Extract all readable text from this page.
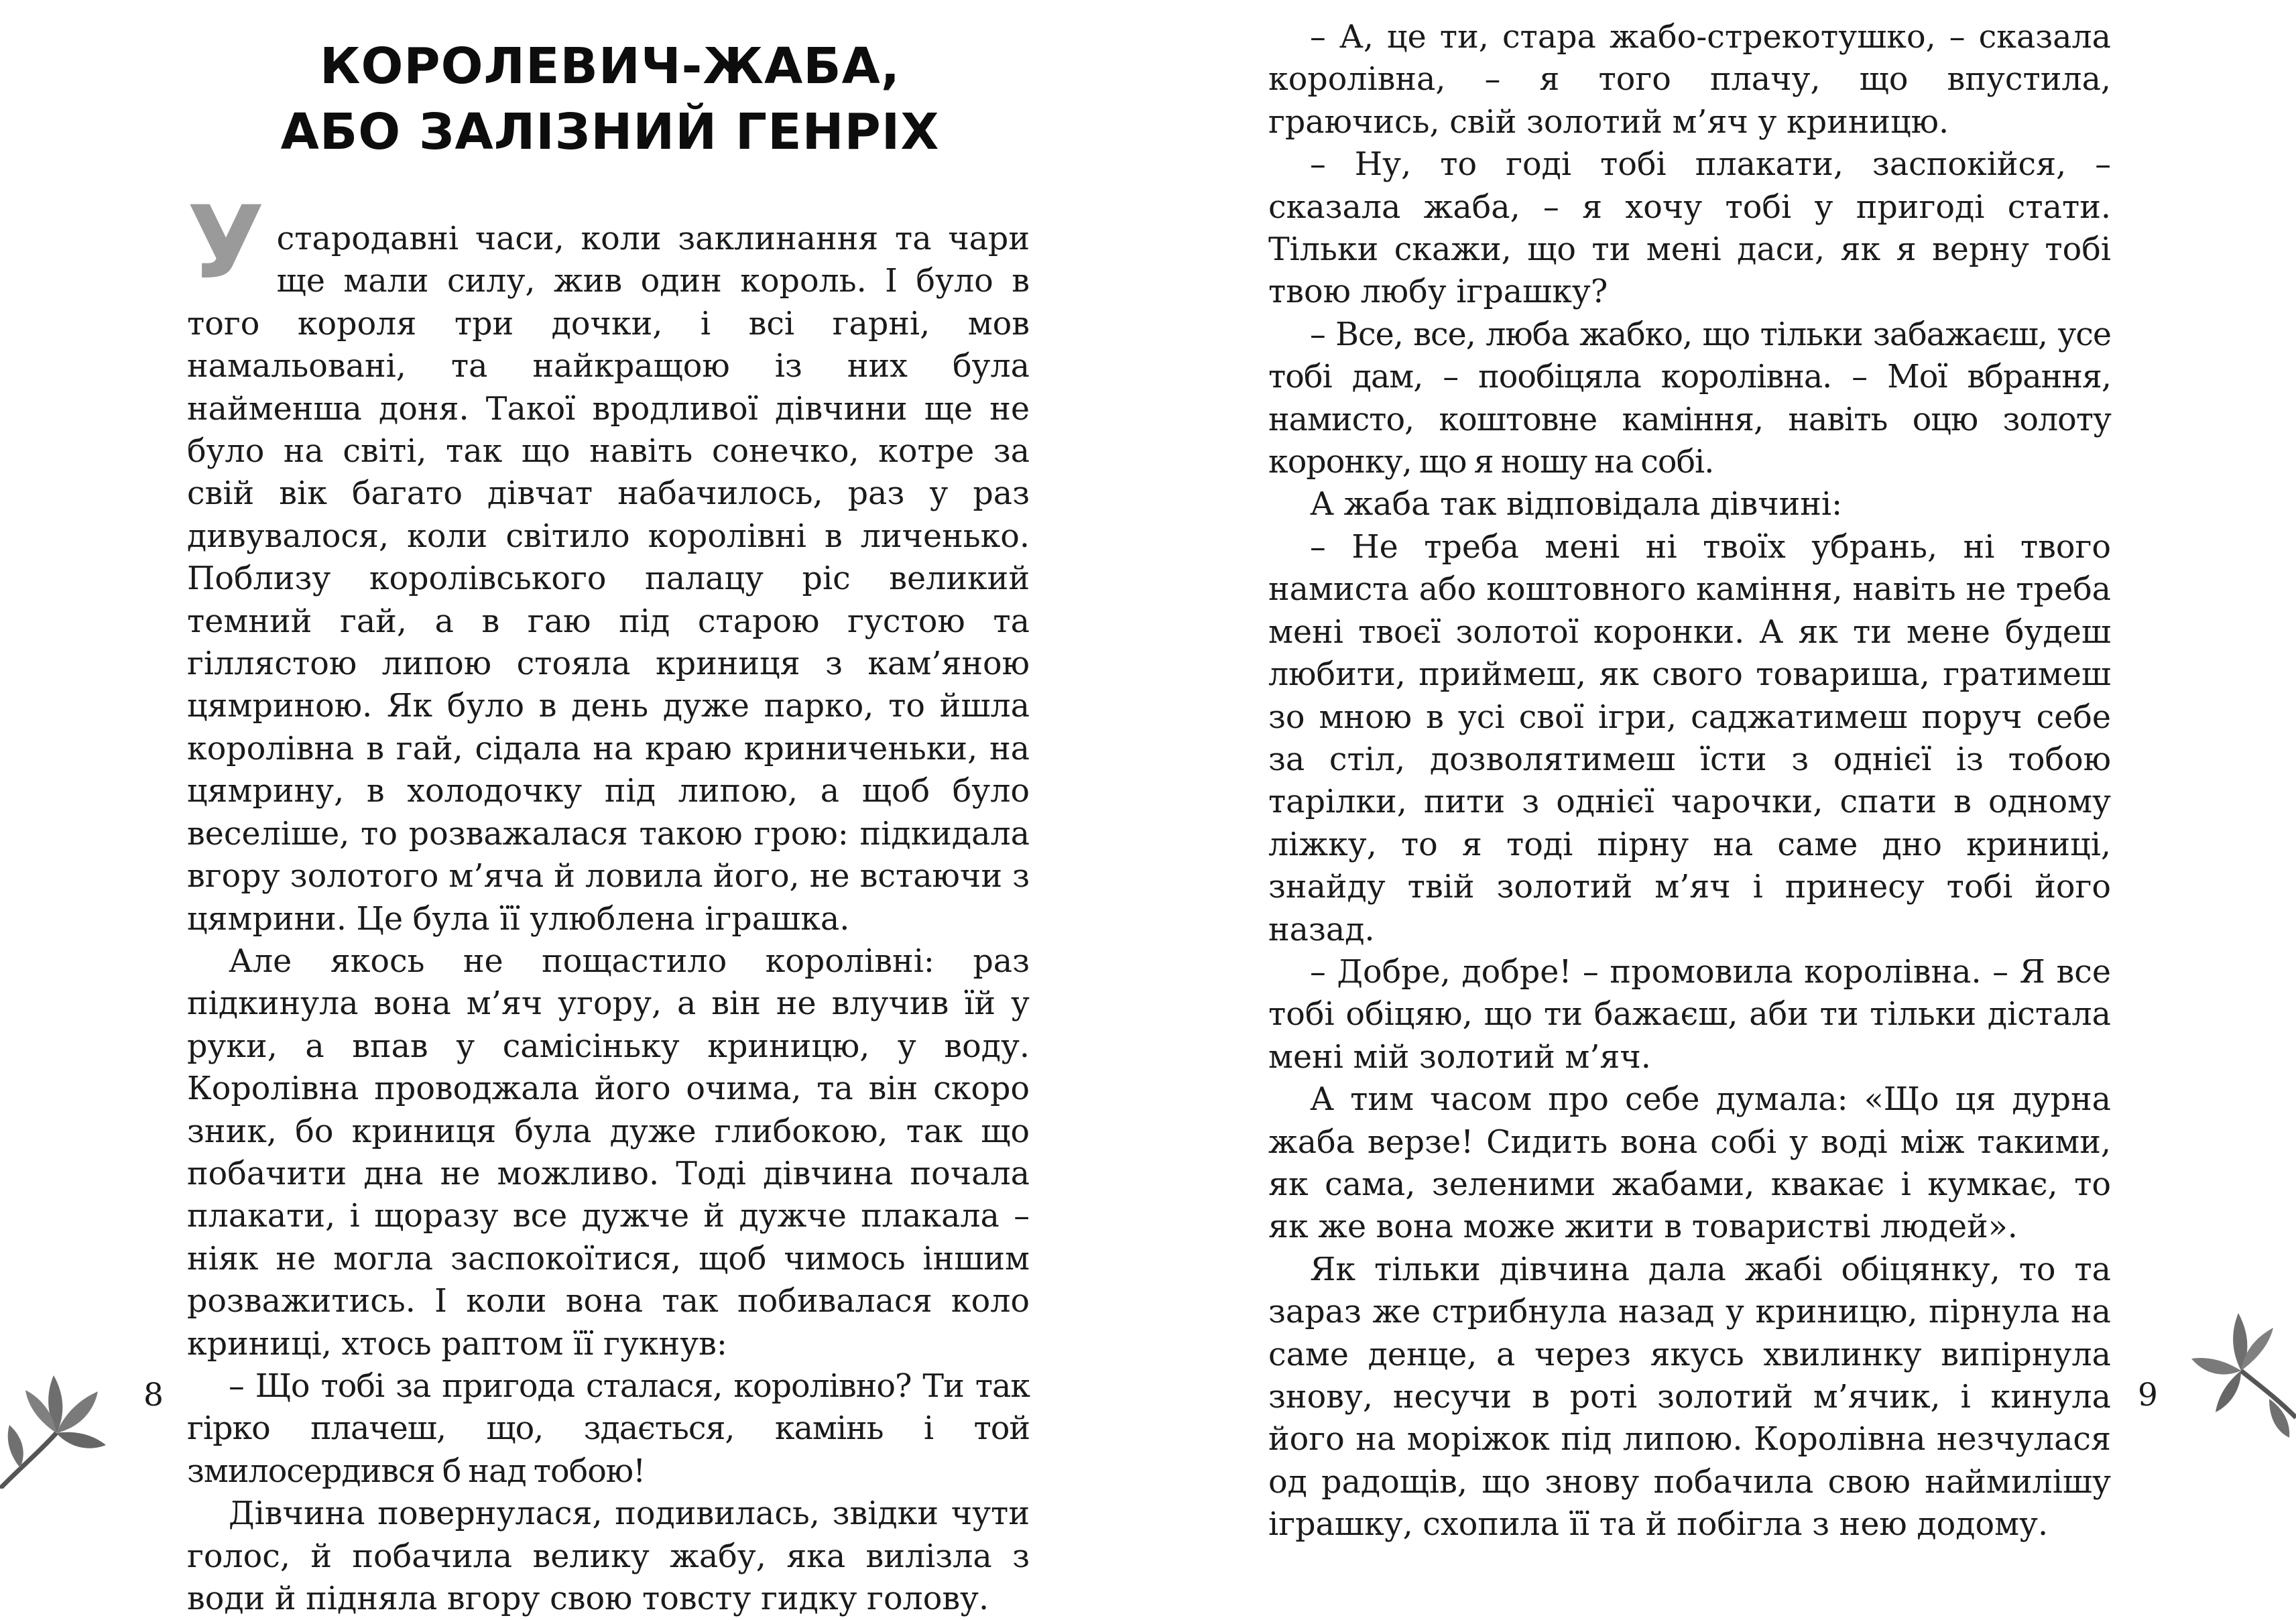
КОРОЛЕВИЧ-ЖАБА,
АБО ЗАЛІЗНИЙ ГЕНРІХ

Устародавні часи, коли заклинання та чари ще мали силу, жив один король. І було в того короля три дочки, і всі гарні, мов намальовані, та найкращою із них була найменша доня. Такої вродливої дівчини ще не було на світі, так що навіть сонечко, котре за свій вік багато дівчат набачилось, раз у раз дивувалося, коли світило королівні в личенько. Поблизу королівського палацу ріс великий темний гай, а в гаю під старою густою та гіллястою липою стояла криниця з кам’яною цямриною. Як було в день дуже парко, то йшла королівна в гай, сідала на краю криниченьки, на цямрину, в холодочку під липою, а щоб було веселіше, то розважалася такою грою: підкидала вгору золотого м’яча й ловила його, не встаючи з цямрини. Це була її улюблена іграшка.

Але якось не пощастило королівні: раз підкинула вона м’яч угору, а він не влучив їй у руки, а впав у самісіньку криницю, у воду. Королівна проводжала його очима, та він скоро зник, бо криниця була дуже глибокою, так що побачити дна не можливо. Тоді дівчина почала плакати, і щоразу все дужче й дужче плакала – ніяк не могла заспокоїтися, щоб чимось іншим розважитись. І коли вона так побивалася коло криниці, хтось раптом її гукнув:

– Що тобі за пригода сталася, королівно? Ти так гірко плачеш, що, здається, камінь і той змилосердився б над тобою!

Дівчина повернулася, подивилась, звідки чути голос, й побачила велику жабу, яка вилізла з води й підняла вгору свою товсту гидку голову.

8

– А, це ти, стара жабо-стрекотушко, – сказала королівна, – я того плачу, що впустила, граючись, свій золотий м’яч у криницю.

– Ну, то годі тобі плакати, заспокійся, – сказала жаба, – я хочу тобі у пригоді стати. Тільки скажи, що ти мені даси, як я верну тобі твою любу іграшку?

– Все, все, люба жабко, що тільки забажаєш, усе тобі дам, – пообіцяла королівна. – Мої вбрання, намисто, коштовне каміння, навіть оцю золоту коронку, що я ношу на собі.

А жаба так відповідала дівчині:

– Не треба мені ні твоїх убрань, ні твого намиста або коштовного каміння, навіть не треба мені твоєї золотої коронки. А як ти мене будеш любити, приймеш, як свого товариша, гратимеш зо мною в усі свої ігри, саджатимеш поруч себе за стіл, дозволятимеш їсти з однієї із тобою тарілки, пити з однієї чарочки, спати в одному ліжку, то я тоді пірну на саме дно криниці, знайду твій золотий м’яч і принесу тобі його назад.

– Добре, добре! – промовила королівна. – Я все тобі обіцяю, що ти бажаєш, аби ти тільки дістала мені мій золотий м’яч.

А тим часом про себе думала: «Що ця дурна жаба верзе! Сидить вона собі у воді між такими, як сама, зеленими жабами, квакає і кумкає, то як же вона може жити в товаристві людей».

Як тільки дівчина дала жабі обіцянку, то та зараз же стрибнула назад у криницю, пірнула на саме денце, а через якусь хвилинку випірнула знову, несучи в роті золотий м’ячик, і кинула його на моріжок під липою. Королівна незчулася од радощів, що знову побачила свою наймилішу іграшку, схопила її та й побігла з нею додому.

9
